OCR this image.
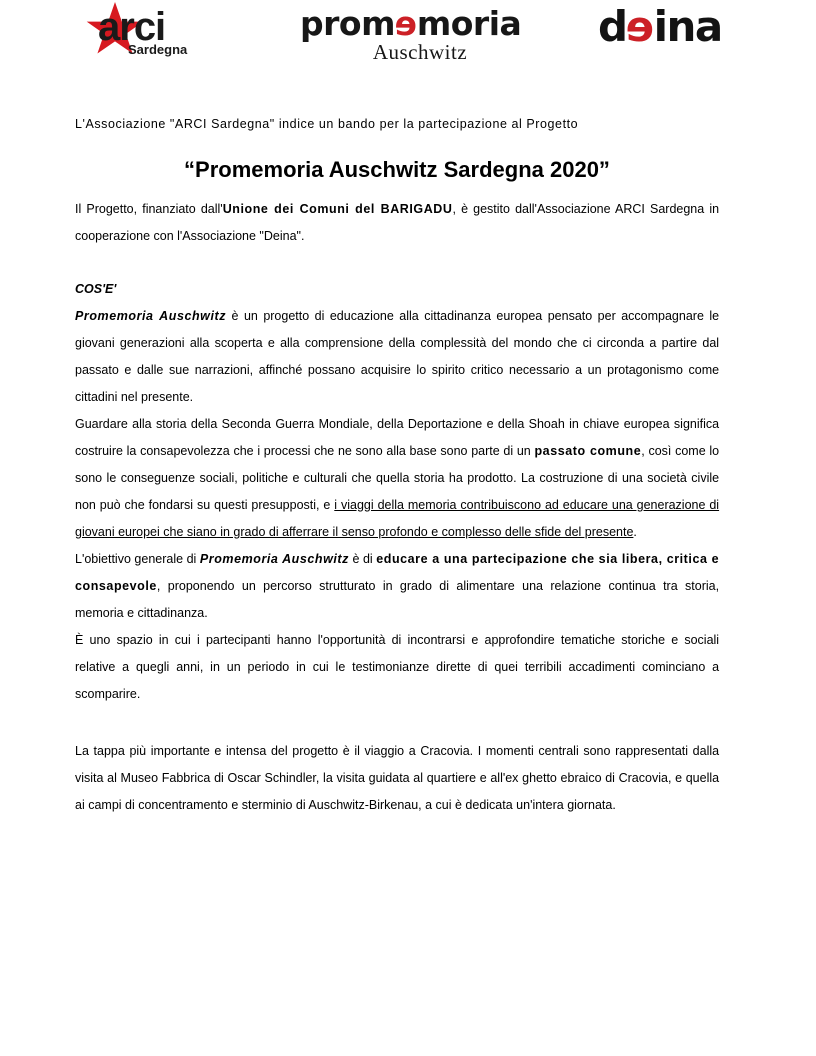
arci
Sardegna
promemoria
Auschwitz
deina

L'Associazione "ARCI Sardegna" indice un bando per la partecipazione al Progetto

“Promemoria Auschwitz Sardegna 2020”

Il Progetto, finanziato dall'Unione dei Comuni del BARIGADU, è gestito dall'Associazione ARCI Sardegna in cooperazione con l'Associazione "Deina".

COS'E'

Promemoria Auschwitz è un progetto di educazione alla cittadinanza europea pensato per accompagnare le giovani generazioni alla scoperta e alla comprensione della complessità del mondo che ci circonda a partire dal passato e dalle sue narrazioni, affinché possano acquisire lo spirito critico necessario a un protagonismo come cittadini nel presente.

Guardare alla storia della Seconda Guerra Mondiale, della Deportazione e della Shoah in chiave europea significa costruire la consapevolezza che i processi che ne sono alla base sono parte di un passato comune, così come lo sono le conseguenze sociali, politiche e culturali che quella storia ha prodotto. La costruzione di una società civile non può che fondarsi su questi presupposti, e i viaggi della memoria contribuiscono ad educare una generazione di giovani europei che siano in grado di afferrare il senso profondo e complesso delle sfide del presente.

L'obiettivo generale di Promemoria Auschwitz è di educare a una partecipazione che sia libera, critica e consapevole, proponendo un percorso strutturato in grado di alimentare una relazione continua tra storia, memoria e cittadinanza.

È uno spazio in cui i partecipanti hanno l'opportunità di incontrarsi e approfondire tematiche storiche e sociali relative a quegli anni, in un periodo in cui le testimonianze dirette di quei terribili accadimenti cominciano a scomparire.

La tappa più importante e intensa del progetto è il viaggio a Cracovia. I momenti centrali sono rappresentati dalla visita al Museo Fabbrica di Oscar Schindler, la visita guidata al quartiere e all'ex ghetto ebraico di Cracovia, e quella ai campi di concentramento e sterminio di Auschwitz-Birkenau, a cui è dedicata un'intera giornata.
